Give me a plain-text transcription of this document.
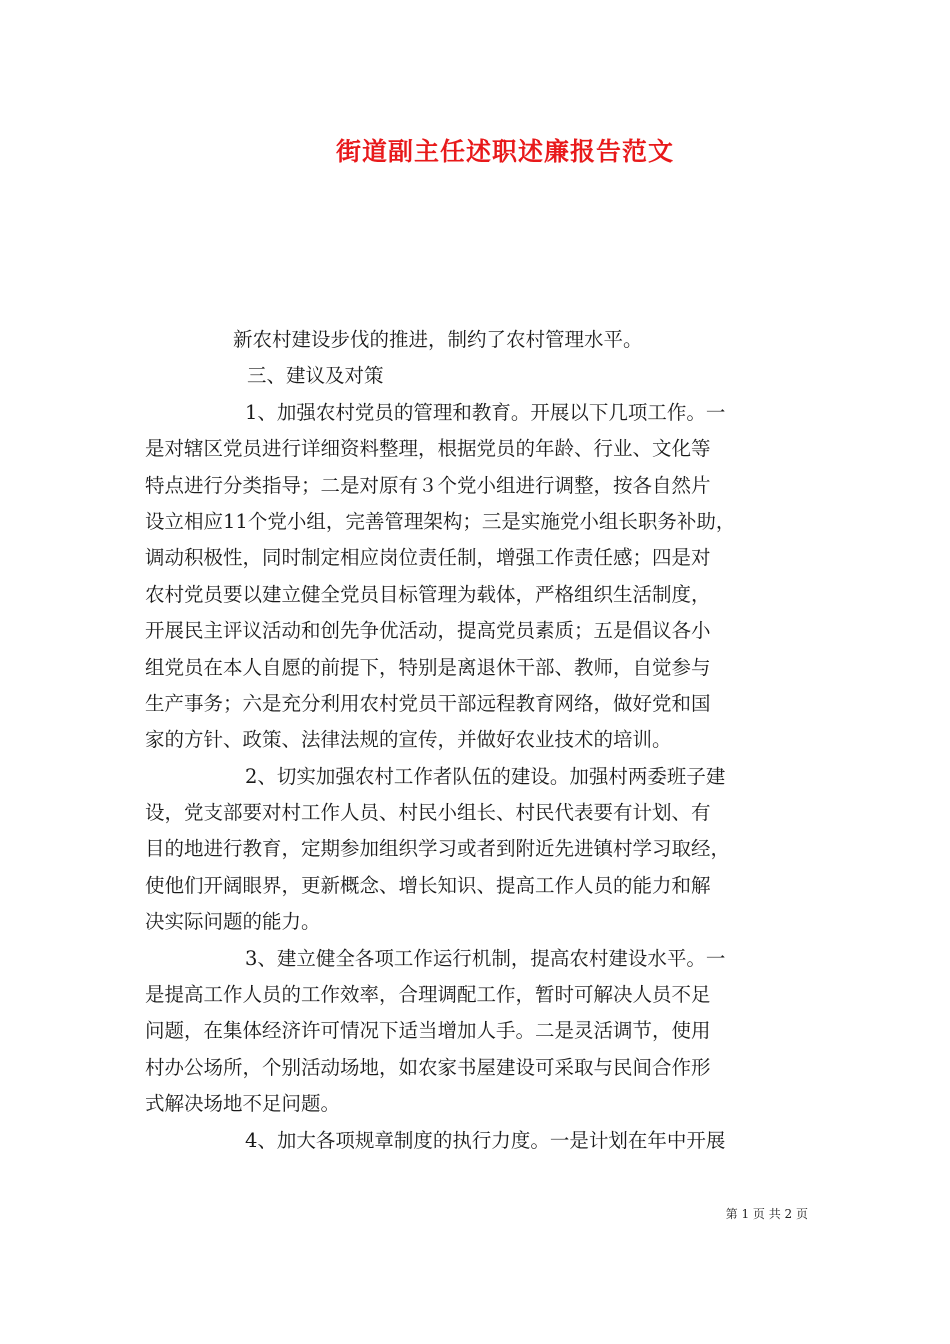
街道副主任述职述廉报告范文
新农村建设步伐的推进，制约了农村管理水平。
三、建议及对策
1、加强农村党员的管理和教育。开展以下几项工作。一
是对辖区党员进行详细资料整理，根据党员的年龄、行业、文化等
特点进行分类指导；二是对原有３个党小组进行调整，按各自然片
设立相应11个党小组，完善管理架构；三是实施党小组长职务补助，
调动积极性，同时制定相应岗位责任制，增强工作责任感；四是对
农村党员要以建立健全党员目标管理为载体，严格组织生活制度，
开展民主评议活动和创先争优活动，提高党员素质；五是倡议各小
组党员在本人自愿的前提下，特别是离退休干部、教师，自觉参与
生产事务；六是充分利用农村党员干部远程教育网络，做好党和国
家的方针、政策、法律法规的宣传，并做好农业技术的培训。
2、切实加强农村工作者队伍的建设。加强村两委班子建
设，党支部要对村工作人员、村民小组长、村民代表要有计划、有
目的地进行教育，定期参加组织学习或者到附近先进镇村学习取经，
使他们开阔眼界，更新概念、增长知识、提高工作人员的能力和解
决实际问题的能力。
3、建立健全各项工作运行机制，提高农村建设水平。一
是提高工作人员的工作效率，合理调配工作，暂时可解决人员不足
问题，在集体经济许可情况下适当增加人手。二是灵活调节，使用
村办公场所，个别活动场地，如农家书屋建设可采取与民间合作形
式解决场地不足问题。
4、加大各项规章制度的执行力度。一是计划在年中开展
第 1 页 共 2 页
